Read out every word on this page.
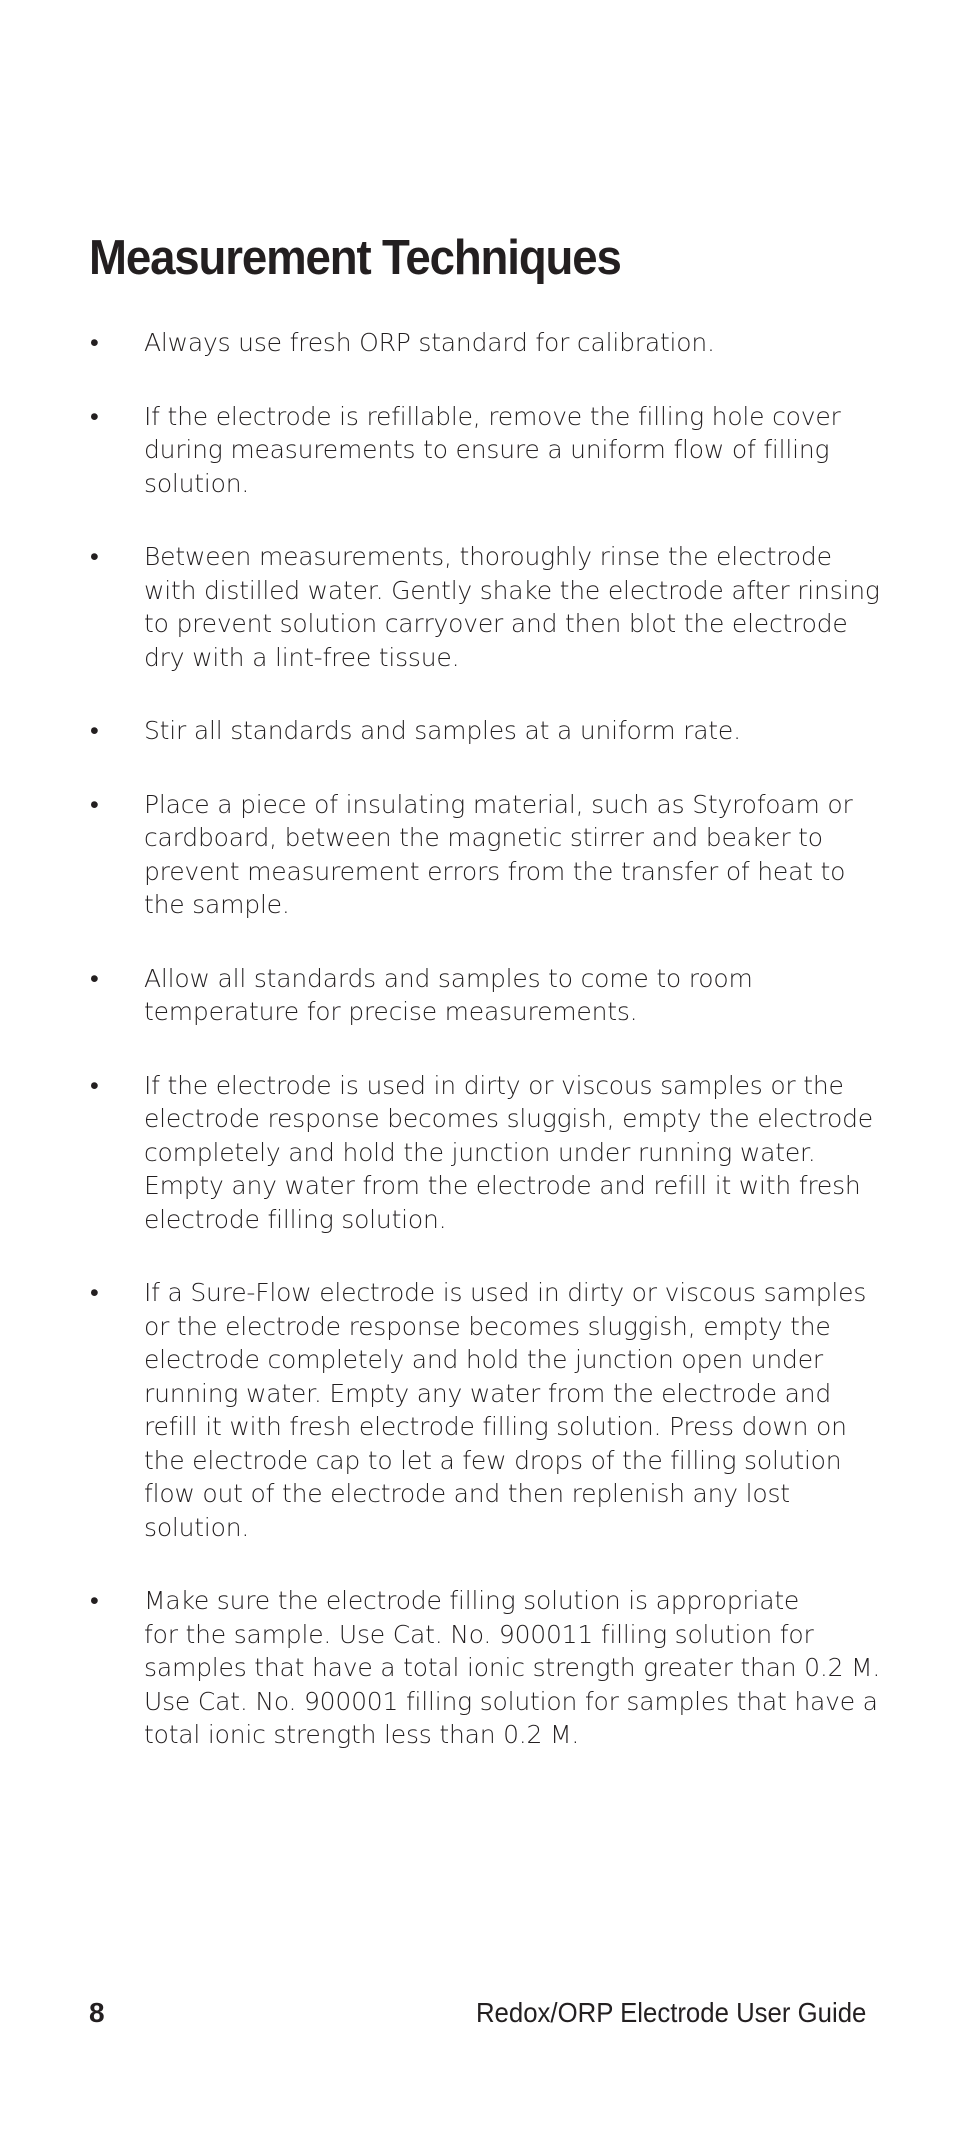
Measurement Techniques
• Always use fresh ORP standard for calibration.
• If the electrode is refillable, remove the filling hole cover
during measurements to ensure a uniform flow of filling
solution.
• Between measurements, thoroughly rinse the electrode
with distilled water. Gently shake the electrode after rinsing
to prevent solution carryover and then blot the electrode
dry with a lint-free tissue.
• Stir all standards and samples at a uniform rate.
• Place a piece of insulating material, such as Styrofoam or
cardboard, between the magnetic stirrer and beaker to
prevent measurement errors from the transfer of heat to
the sample.
• Allow all standards and samples to come to room
temperature for precise measurements.
• If the electrode is used in dirty or viscous samples or the
electrode response becomes sluggish, empty the electrode
completely and hold the junction under running water.
Empty any water from the electrode and refill it with fresh
electrode filling solution.
• If a Sure-Flow electrode is used in dirty or viscous samples
or the electrode response becomes sluggish, empty the
electrode completely and hold the junction open under
running water. Empty any water from the electrode and
refill it with fresh electrode filling solution. Press down on
the electrode cap to let a few drops of the filling solution
flow out of the electrode and then replenish any lost
solution.
• Make sure the electrode filling solution is appropriate
for the sample. Use Cat. No. 900011 filling solution for
samples that have a total ionic strength greater than 0.2 M.
Use Cat. No. 900001 filling solution for samples that have a
total ionic strength less than 0.2 M.
8	Redox/ORP Electrode User Guide
